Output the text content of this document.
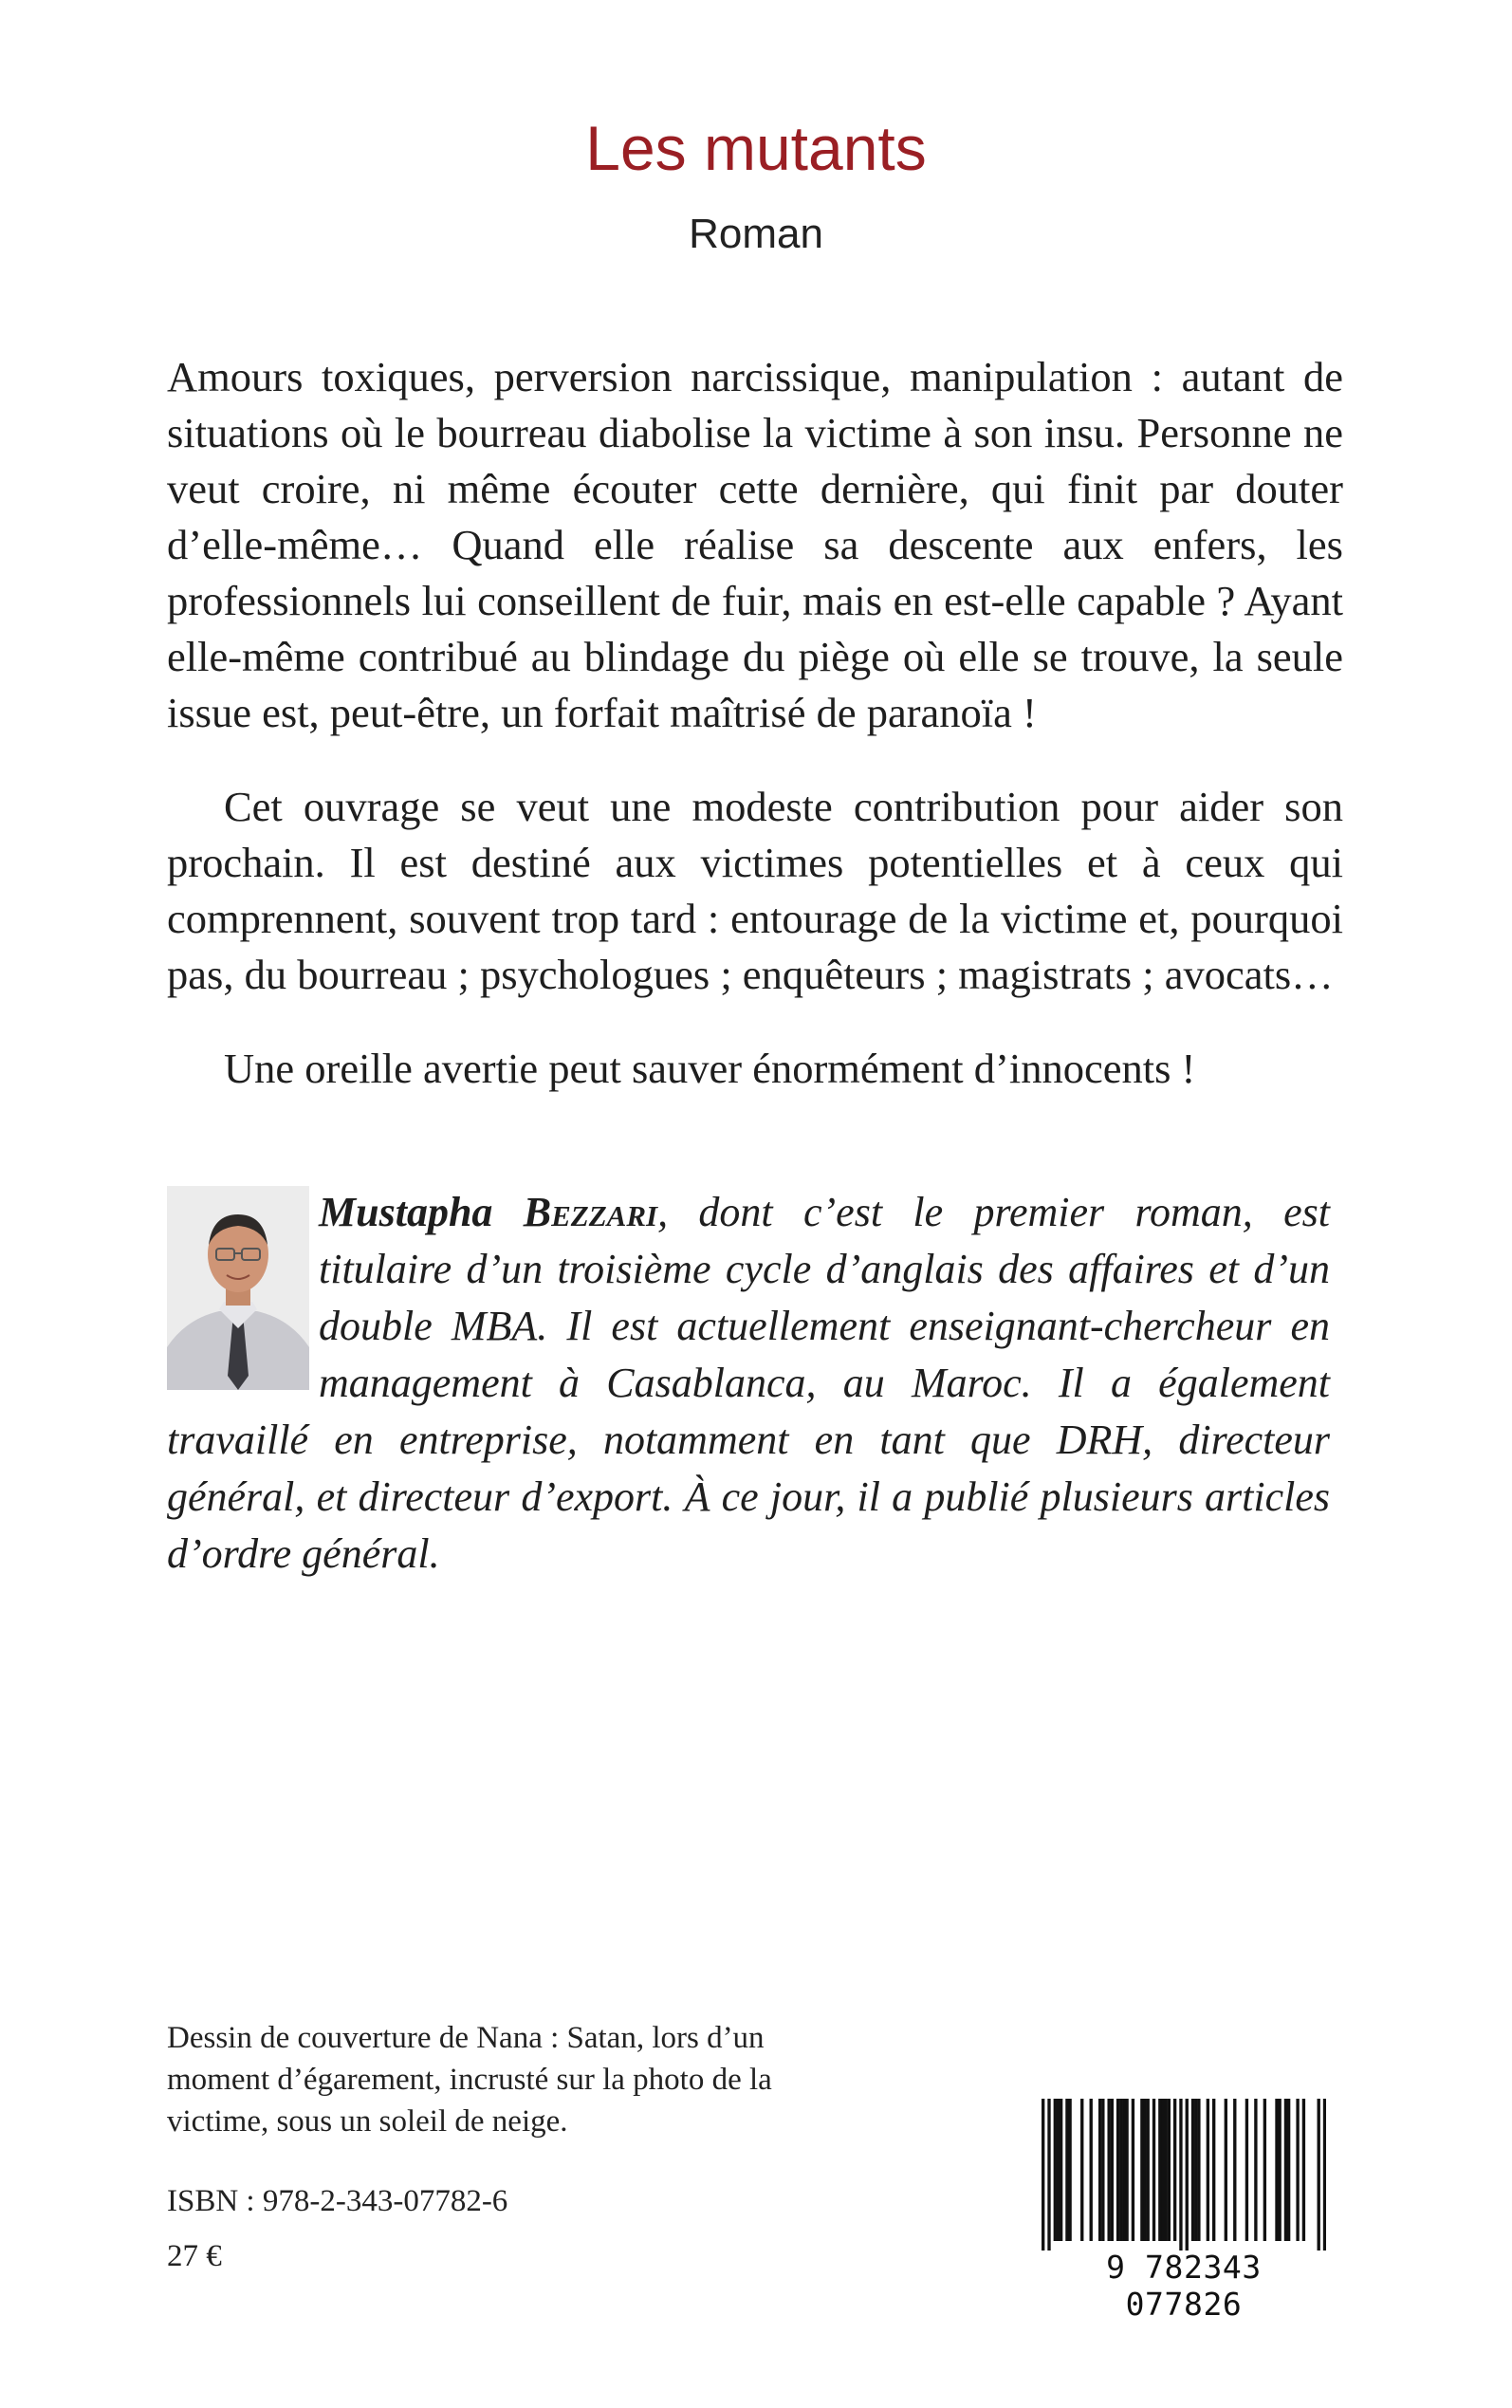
Les mutants
Roman

Amours toxiques, perversion narcissique, manipulation : autant de situations où le bourreau diabolise la victime à son insu. Personne ne veut croire, ni même écouter cette dernière, qui finit par douter d’elle-même… Quand elle réalise sa descente aux enfers, les professionnels lui conseillent de fuir, mais en est-elle capable ? Ayant elle-même contribué au blindage du piège où elle se trouve, la seule issue est, peut-être, un forfait maîtrisé de paranoïa !

Cet ouvrage se veut une modeste contribution pour aider son prochain. Il est destiné aux victimes potentielles et à ceux qui comprennent, souvent trop tard : entourage de la victime et, pourquoi pas, du bourreau ; psychologues ; enquêteurs ; magistrats ; avocats…

Une oreille avertie peut sauver énormément d’innocents !

Mustapha Bezzari, dont c’est le premier roman, est titulaire d’un troisième cycle d’anglais des affaires et d’un double MBA. Il est actuellement enseignant-chercheur en management à Casablanca, au Maroc. Il a également travaillé en entreprise, notamment en tant que DRH, directeur général, et directeur d’export. À ce jour, il a publié plusieurs articles d’ordre général.
Dessin de couverture de Nana : Satan, lors d’un moment d’égarement, incrusté sur la photo de la victime, sous un soleil de neige.
ISBN : 978-2-343-07782-6
27 €	9 782343 077826
